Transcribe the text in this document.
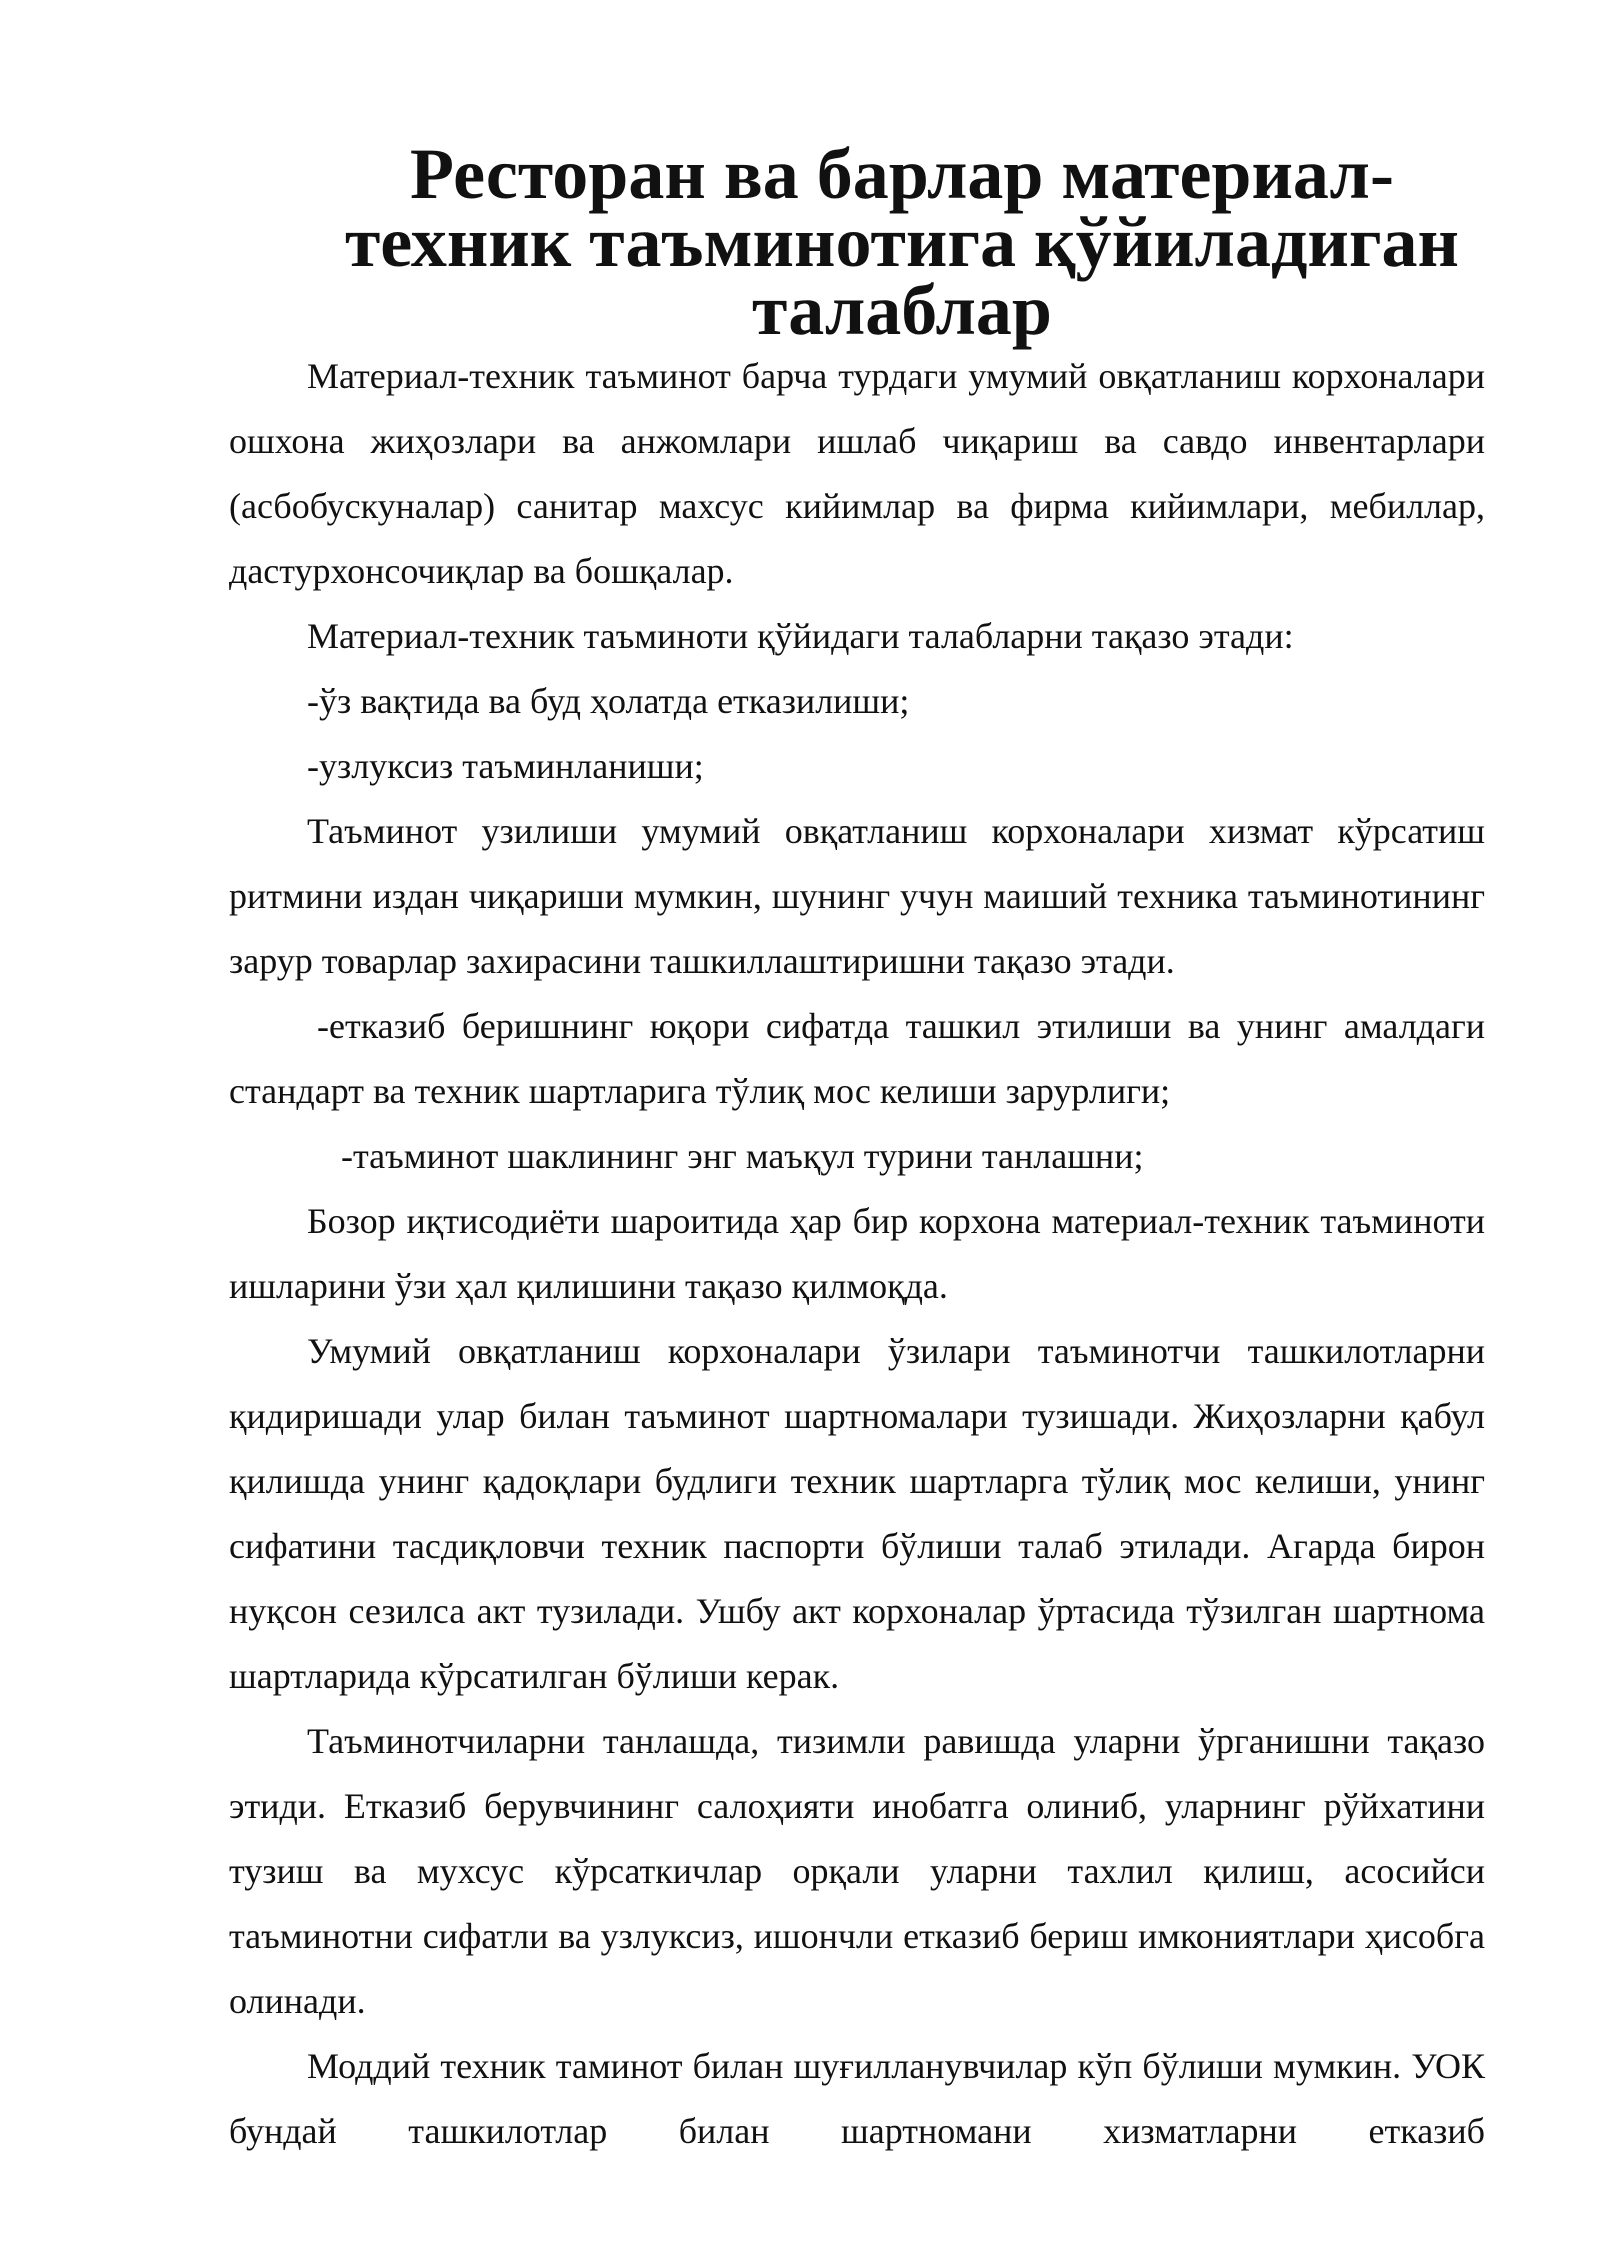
Ресторан ва барлар материал-техник таъминотига қўйиладиган талаблар

Материал-техник таъминот барча турдаги умумий овқатланиш корхоналари ошхона жиҳозлари ва анжомлари ишлаб чиқариш ва савдо инвентарлари (асбобускуналар) санитар махсус кийимлар ва фирма кийимлари, мебиллар, дастурхонсочиқлар ва бошқалар.

Материал-техник таъминоти қўйидаги талабларни тақазо этади:

-ўз вақтида ва буд ҳолатда етказилиши;

-узлуксиз таъминланиши;

Таъминот узилиши умумий овқатланиш корхоналари хизмат кўрсатиш ритмини издан чиқариши мумкин, шунинг учун маиший техника таъминотининг зарур товарлар захирасини ташкиллаштиришни тақазо этади.

-етказиб беришнинг юқори сифатда ташкил этилиши ва унинг амалдаги стандарт ва техник шартларига тўлиқ мос келиши зарурлиги;

-таъминот шаклининг энг маъқул турини танлашни;

Бозор иқтисодиёти шароитида ҳар бир корхона материал-техник таъминоти ишларини ўзи ҳал қилишини тақазо қилмоқда.

Умумий овқатланиш корхоналари ўзилари таъминотчи ташкилотларни қидиришади улар билан таъминот шартномалари тузишади. Жиҳозларни қабул қилишда унинг қадоқлари будлиги техник шартларга тўлиқ мос келиши, унинг сифатини тасдиқловчи техник паспорти бўлиши талаб этилади. Агарда бирон нуқсон сезилса акт тузилади. Ушбу акт корхоналар ўртасида тўзилган шартнома шартларида кўрсатилган бўлиши керак.

Таъминотчиларни танлашда, тизимли равишда уларни ўрганишни тақазо этиди. Етказиб берувчининг салоҳияти инобатга олиниб, уларнинг рўйхатини тузиш ва мухсус кўрсаткичлар орқали уларни тахлил қилиш, асосийси таъминотни сифатли ва узлуксиз, ишончли етказиб бериш имкониятлари ҳисобга олинади.

Моддий техник таминот билан шуғилланувчилар кўп бўлиши мумкин. УОК бундай ташкилотлар билан шартномани хизматларни етказиб
